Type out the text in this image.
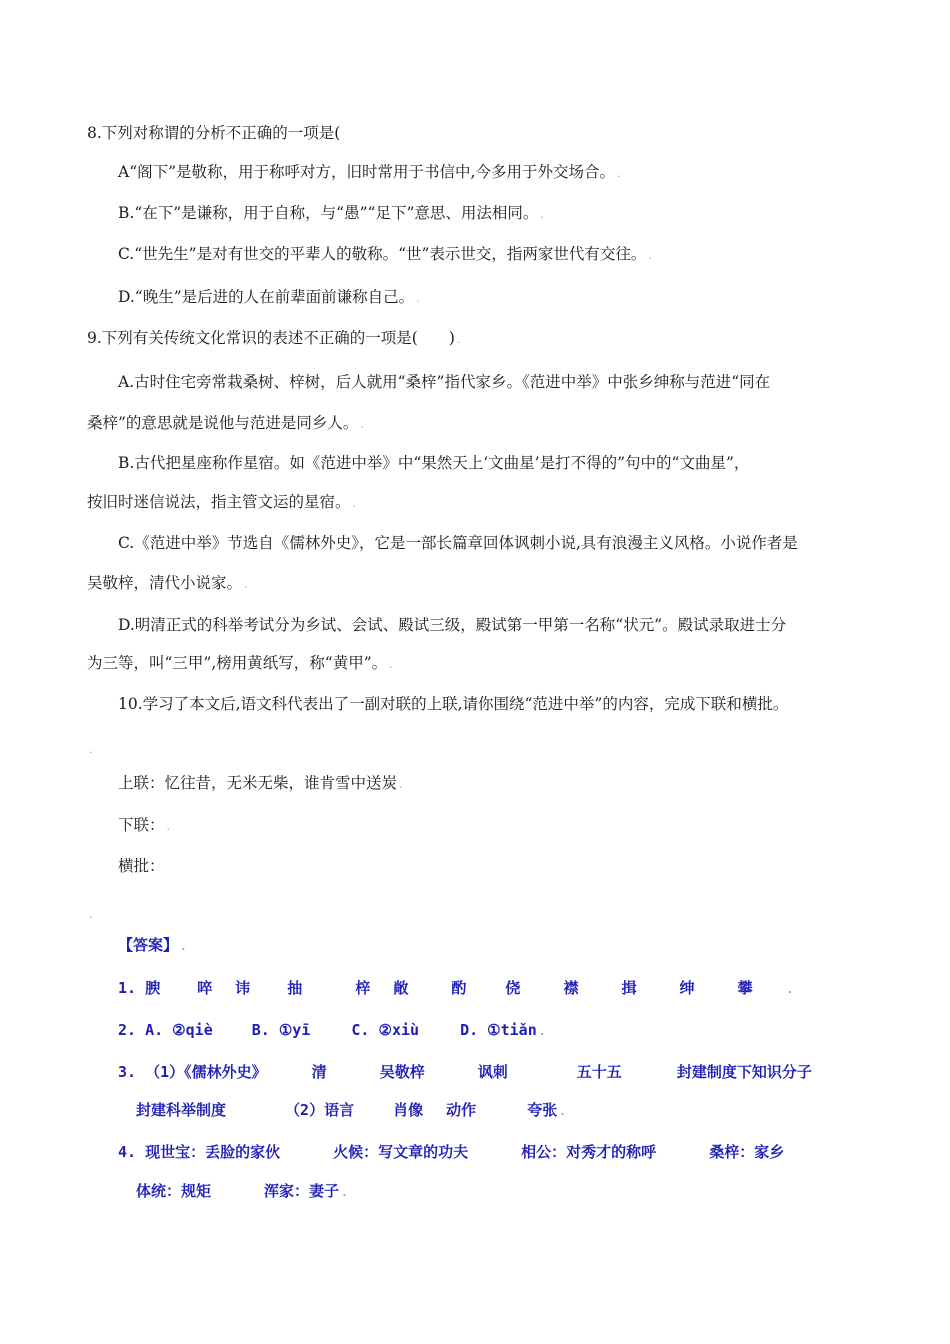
8.下列对称谓的分析不正确的一项是(
A“阁下”是敬称，用于称呼对方，旧时常用于书信中,今多用于外交场合。 .
B.“在下”是谦称，用于自称，与“愚”“足下”意思、用法相同。 .
C.“世先生”是对有世交的平辈人的敬称。“世”表示世交，指两家世代有交往。 .
D.“晚生”是后进的人在前辈面前谦称自己。 .
9.下列有关传统文化常识的表述不正确的一项是(　　) .
A.古时住宅旁常栽桑树、梓树，后人就用“桑梓”指代家乡。《范进中举》中张乡绅称与范进“同在
桑梓”的意思就是说他与范进是同乡人。 .
B.古代把星座称作星宿。如《范进中举》中“果然天上‘文曲星’是打不得的”句中的“文曲星”，
按旧时迷信说法，指主管文运的星宿。 .
C.《范进中举》节选自《儒林外史》，它是一部长篇章回体讽刺小说,具有浪漫主义风格。小说作者是
吴敬梓，清代小说家。 .
D.明清正式的科举考试分为乡试、会试、殿试三级，殿试第一甲第一名称“状元”。殿试录取进士分
为三等，叫“三甲”,榜用黄纸写，称“黄甲”。 .
10.学习了本文后,语文科代表出了一副对联的上联,请你围绕“范进中举”的内容，完成下联和横批。
.
上联：忆往昔，无米无柴，谁肯雪中送炭 .
下联： .
横批：
.
【答案】 .
1. 腴 啐 讳 抽	梓 敞	酌	侥	襟	揖	绅	攀	.
2. A. ②qiè	B. ①yī	C. ②xiù	D. ①tiǎn .
3. （1）《儒林外史》	清	吴敬梓	讽刺	五十五	封建制度下知识分子
封建科举制度	（2）语言	肖像 动作	夸张 .
4. 现世宝：丢脸的家伙	火候：写文章的功夫	相公：对秀才的称呼	桑梓：家乡
体统：规矩	浑家：妻子 .
